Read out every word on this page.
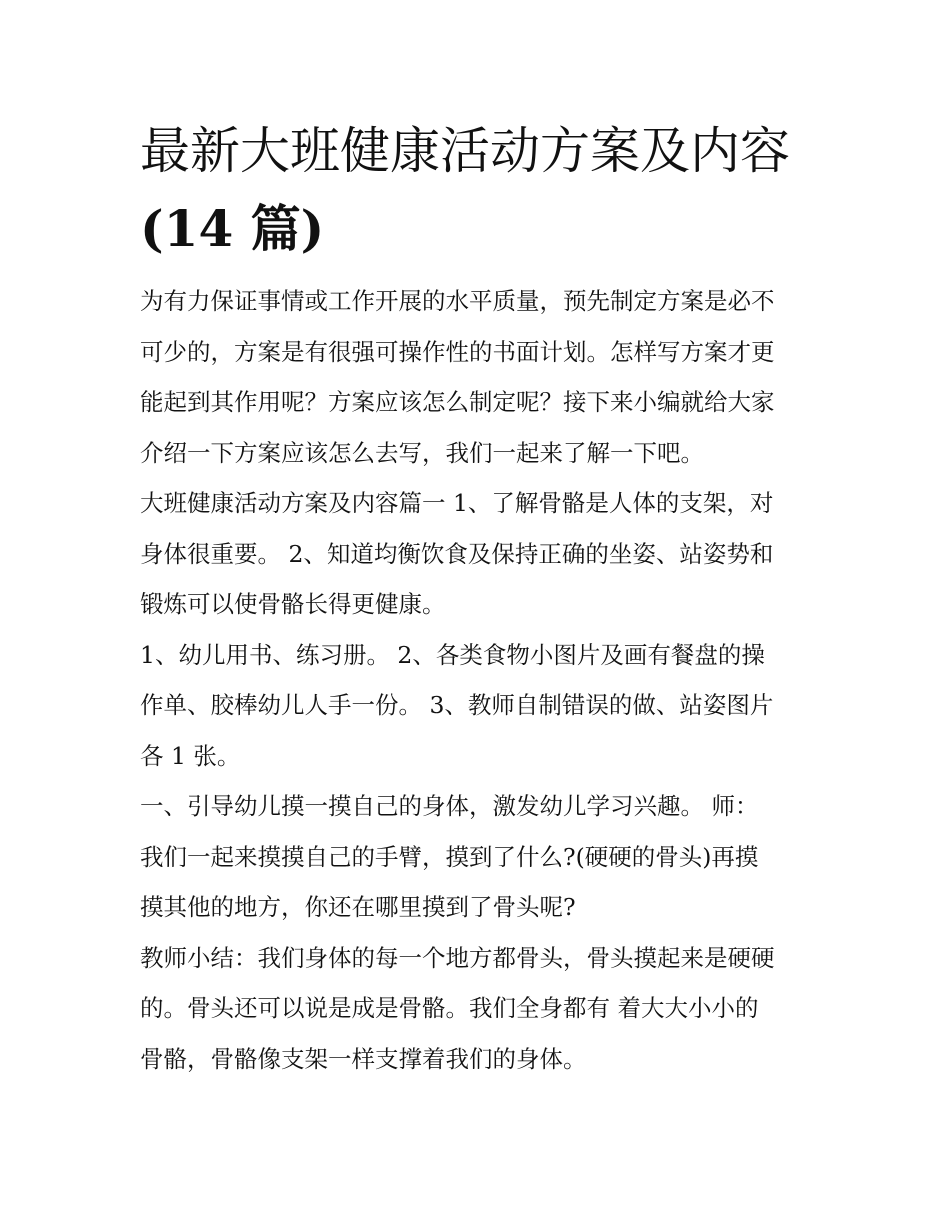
最新大班健康活动方案及内容
(14 篇)
为有力保证事情或工作开展的水平质量，预先制定方案是必不
可少的，方案是有很强可操作性的书面计划。怎样写方案才更
能起到其作用呢？方案应该怎么制定呢？接下来小编就给大家
介绍一下方案应该怎么去写，我们一起来了解一下吧。
大班健康活动方案及内容篇一 1、了解骨骼是人体的支架，对
身体很重要。 2、知道均衡饮食及保持正确的坐姿、站姿势和
锻炼可以使骨骼长得更健康。
1、幼儿用书、练习册。 2、各类食物小图片及画有餐盘的操
作单、胶棒幼儿人手一份。 3、教师自制错误的做、站姿图片
各 1 张。
一、引导幼儿摸一摸自己的身体，激发幼儿学习兴趣。 师：
我们一起来摸摸自己的手臂，摸到了什么?(硬硬的骨头)再摸
摸其他的地方，你还在哪里摸到了骨头呢?
教师小结：我们身体的每一个地方都骨头，骨头摸起来是硬硬
的。骨头还可以说是成是骨骼。我们全身都有 着大大小小的
骨骼，骨骼像支架一样支撑着我们的身体。
